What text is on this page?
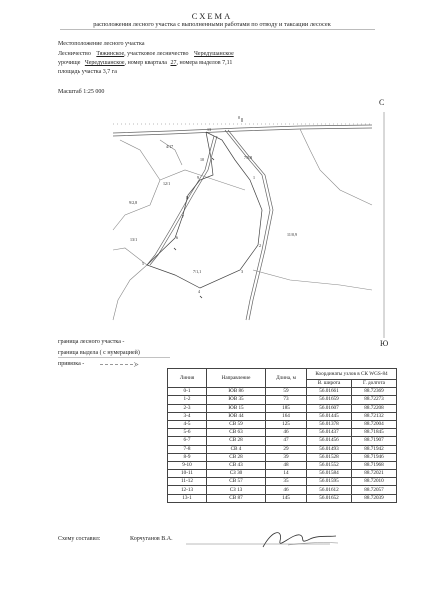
СХЕМА
расположения лесного участка с выполненными работами по отводу и таксации лесосек
Местоположение лесного участка
Лесничество Тяжинское, участковое лесничество Чередушанское
урочище Чередушанское, номер квартала 27, номера выделов 7,11
площадь участка 3,7 га
Масштаб 1:25 000
С
Ю
0
13
10
9
8
7
6
5
4
3
2
1
4/17
7/0,8
12/1
9/2,8
11/0,9
13/1
7/1,1
граница лесного участка -
граница выдела ( с нумерацией)
привязка -
Линия	Направление	Длина, м	Координаты узлов в СК WGS-84	
			В. широта	Г. долгота
0-1	ЮВ 86	59	56.01661	88.72369
1-2	ЮВ 35	73	56.01659	88.72273
2-3	ЮВ 15	185	56.01607	88.72208
3-4	ЮВ 44	164	56.01445	88.72132
4-5	СВ 59	125	56.01378	88.72004
5-6	СВ 63	46	56.01437	88.71845
6-7	СВ 28	47	56.01456	88.71907
7-8	СВ 4	29	56.01493	88.71942
8-9	СВ 28	39	56.01528	88.71946
9-10	СВ 43	48	56.01552	88.71968
10-11	СЗ 30	14	56.01584	88.72021
11-12	СВ 57	35	56.01595	88.72010
12-13	СЗ 13	46	56.01612	88.72057
13-1	СВ 87	145	56.01652	88.72039
Схему составил:	Корчуганов В.А.
